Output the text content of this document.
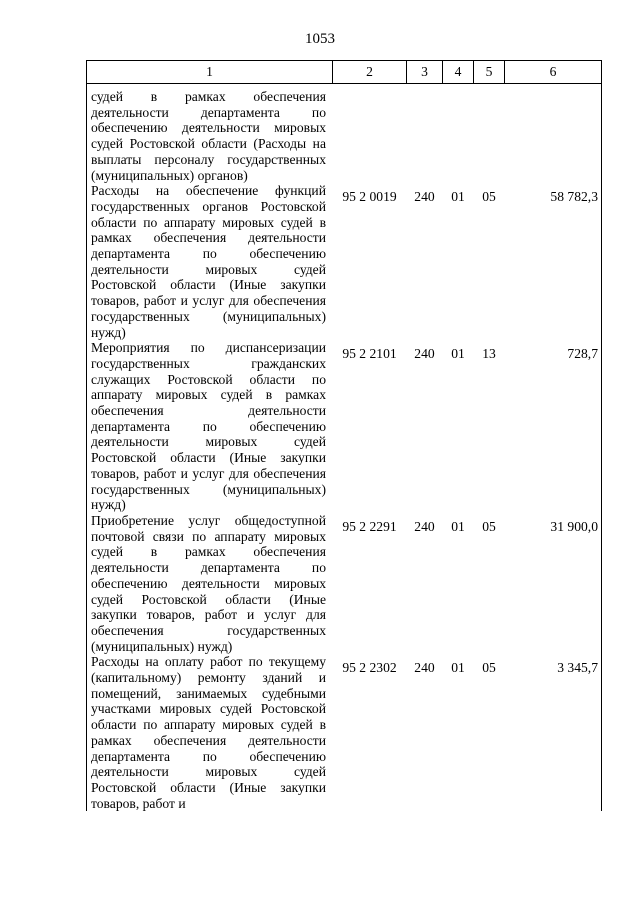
1053
1	2	3	4	5	6
судей в рамках обеспечения деятельности департамента по обеспечению деятельности мировых судей Ростовской области (Расходы на выплаты персоналу государственных (муниципальных) органов)					
Расходы на обеспечение функций государственных органов Ростовской области по аппарату мировых судей в рамках обеспечения деятельности департамента по обеспечению деятельности мировых судей Ростовской области (Иные закупки товаров, работ и услуг для обеспечения государственных (муниципальных) нужд)	95 2 0019	240	01	05	58 782,3
Мероприятия по диспансеризации государственных гражданских служащих Ростовской области по аппарату мировых судей в рамках обеспечения деятельности департамента по обеспечению деятельности мировых судей Ростовской области (Иные закупки товаров, работ и услуг для обеспечения государственных (муниципальных) нужд)	95 2 2101	240	01	13	728,7
Приобретение услуг общедоступной почтовой связи по аппарату мировых судей в рамках обеспечения деятельности департамента по обеспечению деятельности мировых судей Ростовской области (Иные закупки товаров, работ и услуг для обеспечения государственных (муниципальных) нужд)	95 2 2291	240	01	05	31 900,0
Расходы на оплату работ по текущему (капитальному) ремонту зданий и помещений, занимаемых судебными участками мировых судей Ростовской области по аппарату мировых судей в рамках обеспечения деятельности департамента по обеспечению деятельности мировых судей Ростовской области (Иные закупки товаров, работ и	95 2 2302	240	01	05	3 345,7
